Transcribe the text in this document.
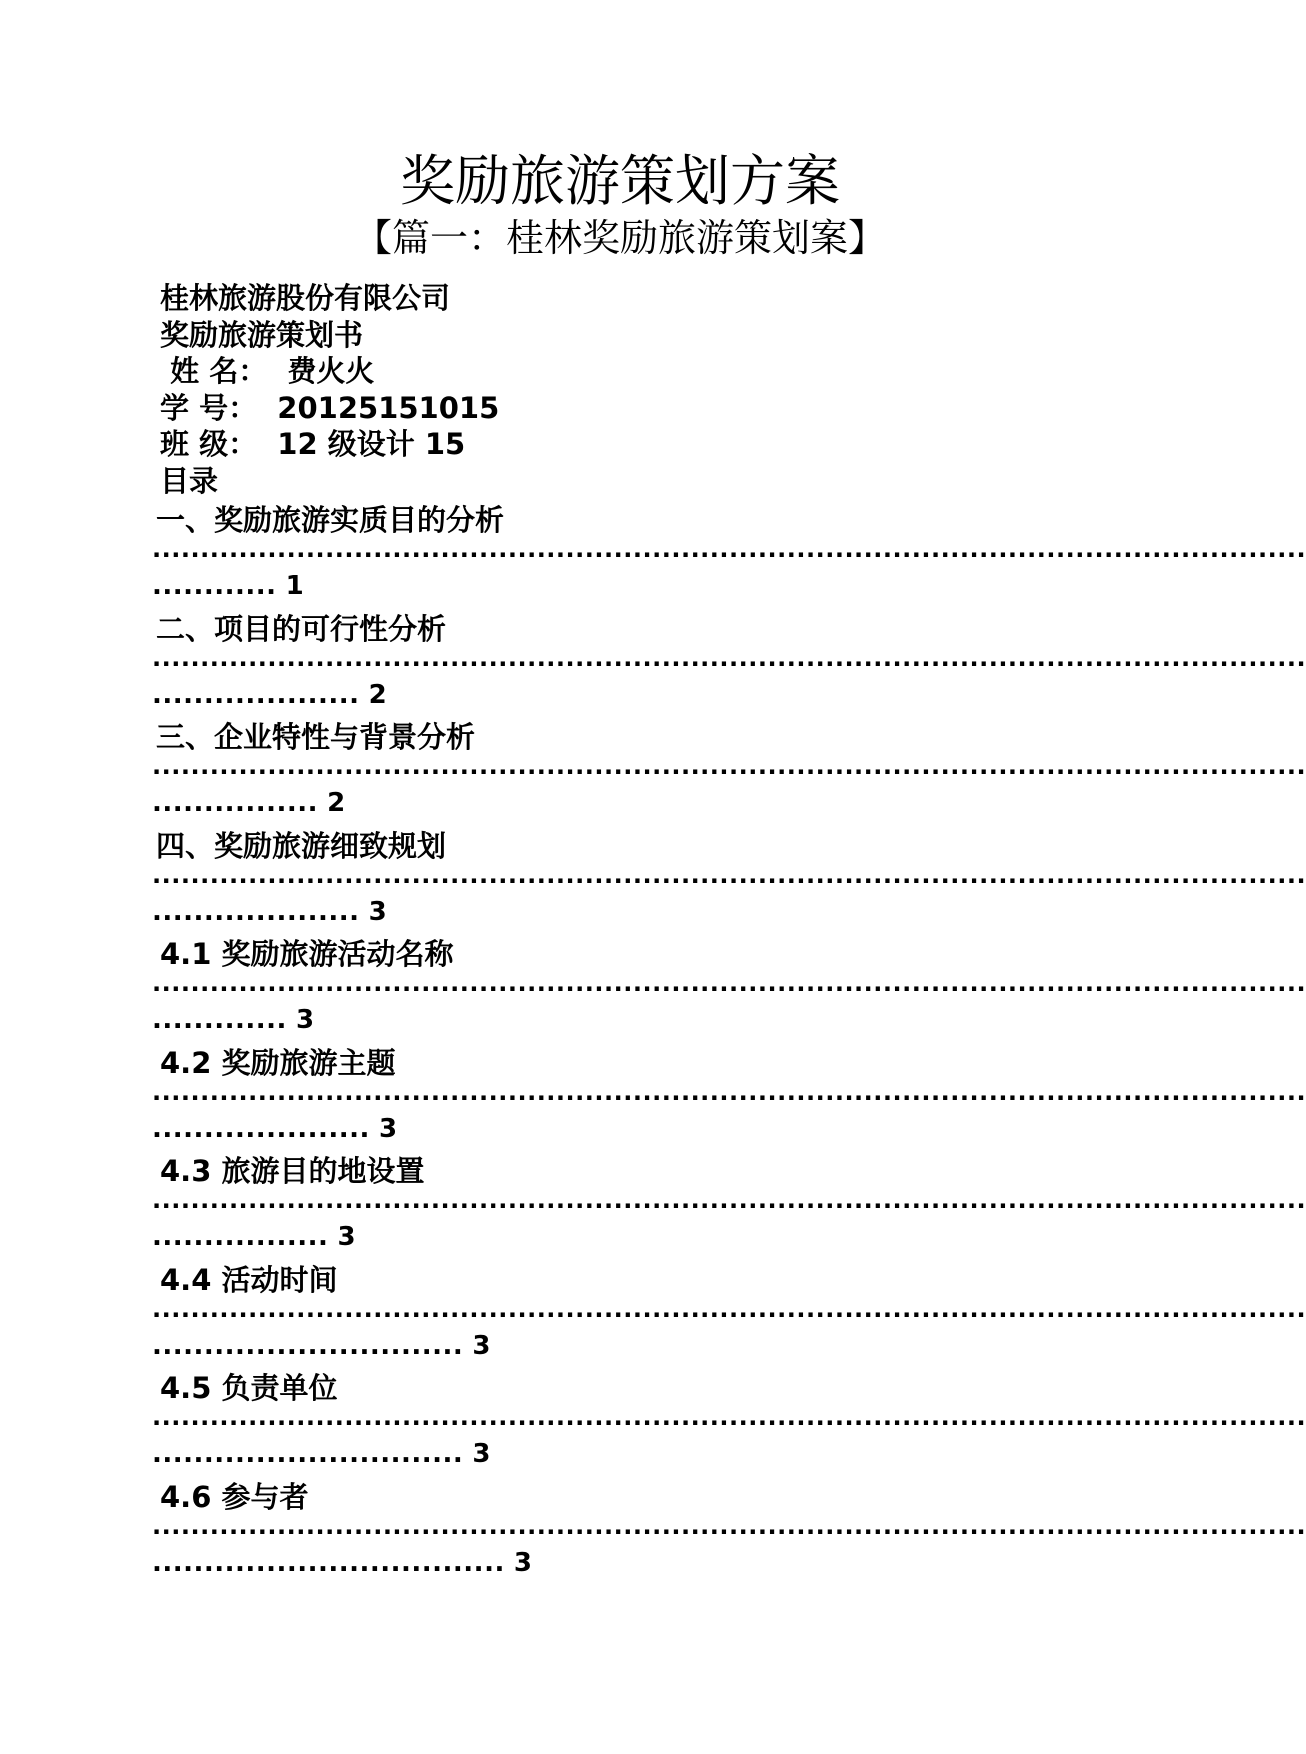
奖励旅游策划方案
【篇一：桂林奖励旅游策划案】
桂林旅游股份有限公司
奖励旅游策划书
姓 名：  费火火
学 号：  20125151015
班 级：  12 级设计 15
目录
一、奖励旅游实质目的分析
........................................................................................................................
............ 1
二、项目的可行性分析
........................................................................................................................
.................... 2
三、企业特性与背景分析
........................................................................................................................
................ 2
四、奖励旅游细致规划
........................................................................................................................
.................... 3
4.1 奖励旅游活动名称
........................................................................................................................
............. 3
4.2 奖励旅游主题
........................................................................................................................
..................... 3
4.3 旅游目的地设置
........................................................................................................................
................. 3
4.4 活动时间
........................................................................................................................
.............................. 3
4.5 负责单位
........................................................................................................................
.............................. 3
4.6 参与者
........................................................................................................................
.................................. 3
